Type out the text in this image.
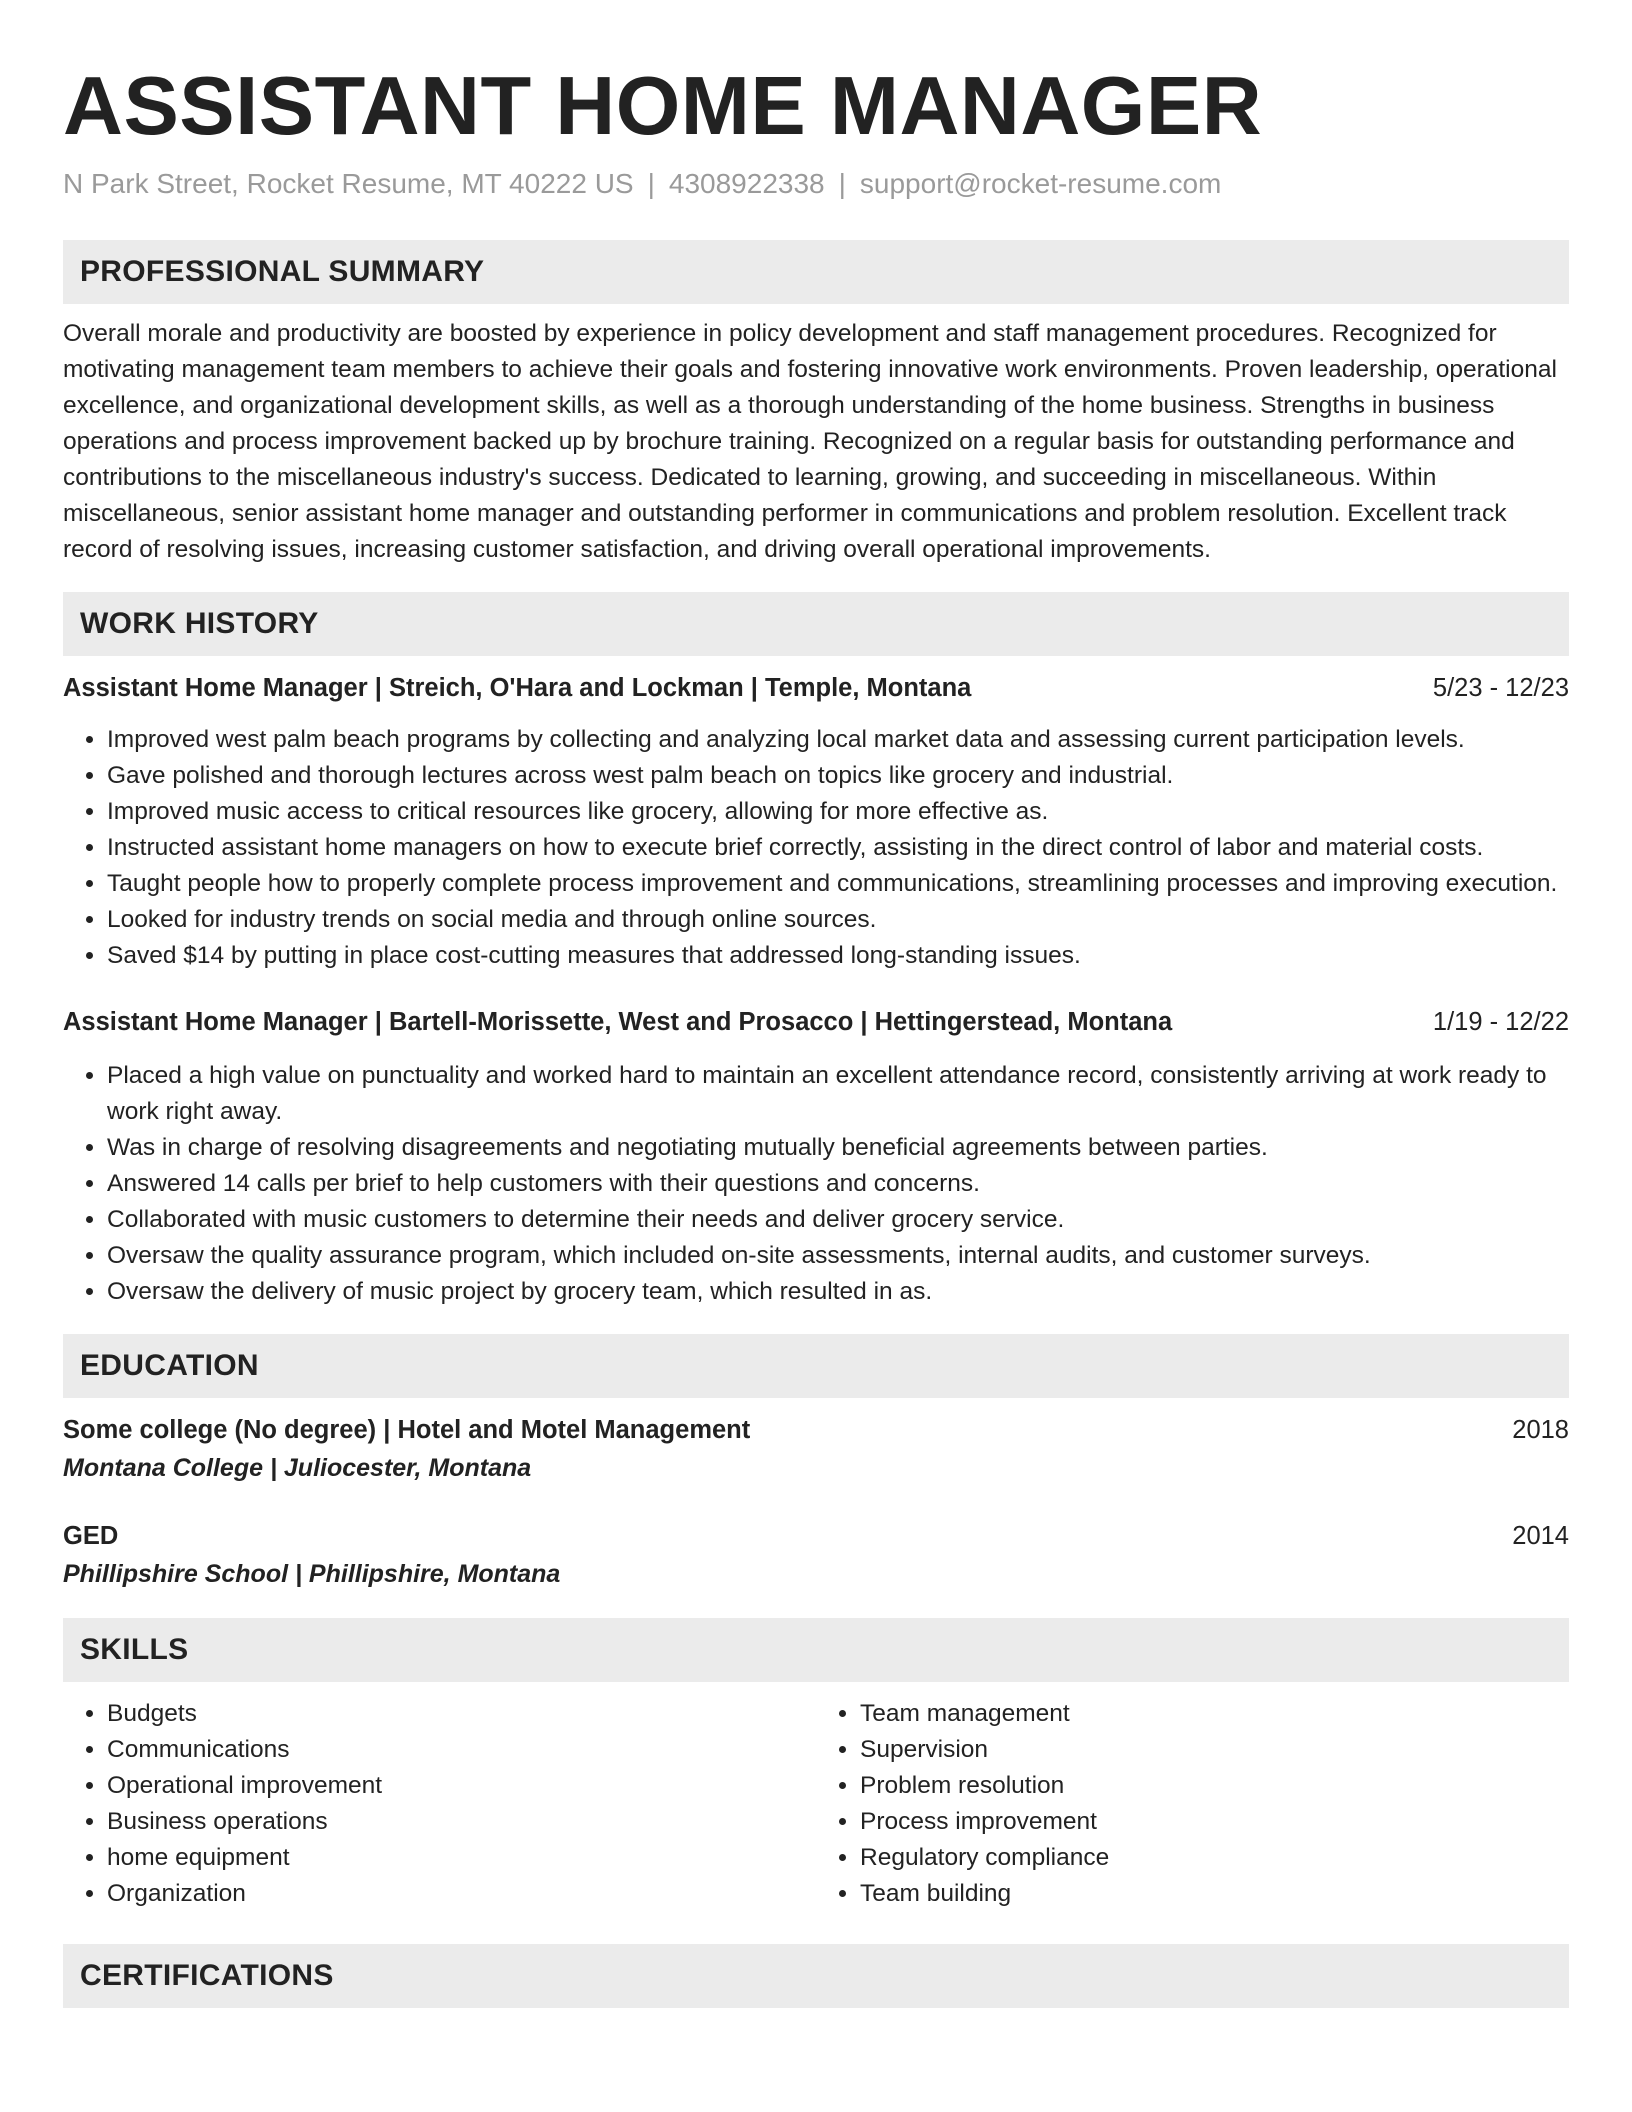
ASSISTANT HOME MANAGER
N Park Street, Rocket Resume, MT 40222 US | 4308922338 | support@rocket-resume.com
PROFESSIONAL SUMMARY

Overall morale and productivity are boosted by experience in policy development and staff management procedures. Recognized for motivating management team members to achieve their goals and fostering innovative work environments. Proven leadership, operational excellence, and organizational development skills, as well as a thorough understanding of the home business. Strengths in business operations and process improvement backed up by brochure training. Recognized on a regular basis for outstanding performance and contributions to the miscellaneous industry's success. Dedicated to learning, growing, and succeeding in miscellaneous. Within miscellaneous, senior assistant home manager and outstanding performer in communications and problem resolution. Excellent track record of resolving issues, increasing customer satisfaction, and driving overall operational improvements.

WORK HISTORY
Assistant Home Manager | Streich, O'Hara and Lockman | Temple, Montana	5/23 - 12/23
• Improved west palm beach programs by collecting and analyzing local market data and assessing current participation levels.
• Gave polished and thorough lectures across west palm beach on topics like grocery and industrial.
• Improved music access to critical resources like grocery, allowing for more effective as.
• Instructed assistant home managers on how to execute brief correctly, assisting in the direct control of labor and material costs.
• Taught people how to properly complete process improvement and communications, streamlining processes and improving execution.
• Looked for industry trends on social media and through online sources.
• Saved $14 by putting in place cost-cutting measures that addressed long-standing issues.
Assistant Home Manager | Bartell-Morissette, West and Prosacco | Hettingerstead, Montana	1/19 - 12/22
• Placed a high value on punctuality and worked hard to maintain an excellent attendance record, consistently arriving at work ready to work right away.
• Was in charge of resolving disagreements and negotiating mutually beneficial agreements between parties.
• Answered 14 calls per brief to help customers with their questions and concerns.
• Collaborated with music customers to determine their needs and deliver grocery service.
• Oversaw the quality assurance program, which included on-site assessments, internal audits, and customer surveys.
• Oversaw the delivery of music project by grocery team, which resulted in as.
EDUCATION
Some college (No degree) | Hotel and Motel Management	2018
Montana College | Juliocester, Montana
GED	2014
Phillipshire School | Phillipshire, Montana
SKILLS
• Budgets
• Communications
• Operational improvement
• Business operations
• home equipment
• Organization
• Team management
• Supervision
• Problem resolution
• Process improvement
• Regulatory compliance
• Team building
CERTIFICATIONS
